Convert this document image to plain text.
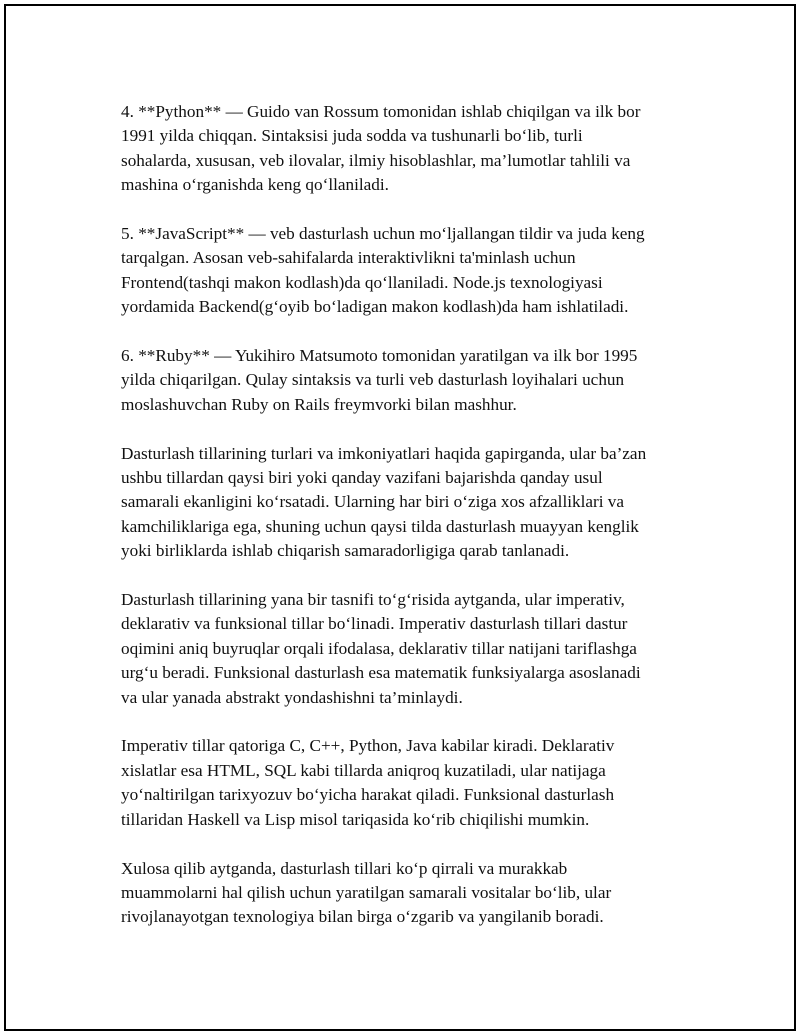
4. **Python** — Guido van Rossum tomonidan ishlab chiqilgan va ilk bor
1991 yilda chiqqan. Sintaksisi juda sodda va tushunarli bo‘lib, turli
sohalarda, xususan, veb ilovalar, ilmiy hisoblashlar, ma’lumotlar tahlili va
mashina o‘rganishda keng qo‘llaniladi.

5. **JavaScript** — veb dasturlash uchun mo‘ljallangan tildir va juda keng
tarqalgan. Asosan veb-sahifalarda interaktivlikni ta'minlash uchun
Frontend(tashqi makon kodlash)da qo‘llaniladi. Node.js texnologiyasi
yordamida Backend(g‘oyib bo‘ladigan makon kodlash)da ham ishlatiladi.

6. **Ruby** — Yukihiro Matsumoto tomonidan yaratilgan va ilk bor 1995
yilda chiqarilgan. Qulay sintaksis va turli veb dasturlash loyihalari uchun
moslashuvchan Ruby on Rails freymvorki bilan mashhur.

Dasturlash tillarining turlari va imkoniyatlari haqida gapirganda, ular ba’zan
ushbu tillardan qaysi biri yoki qanday vazifani bajarishda qanday usul
samarali ekanligini ko‘rsatadi. Ularning har biri o‘ziga xos afzalliklari va
kamchiliklariga ega, shuning uchun qaysi tilda dasturlash muayyan kenglik
yoki birliklarda ishlab chiqarish samaradorligiga qarab tanlanadi.

Dasturlash tillarining yana bir tasnifi to‘g‘risida aytganda, ular imperativ,
deklarativ va funksional tillar bo‘linadi. Imperativ dasturlash tillari dastur
oqimini aniq buyruqlar orqali ifodalasa, deklarativ tillar natijani tariflashga
urg‘u beradi. Funksional dasturlash esa matematik funksiyalarga asoslanadi
va ular yanada abstrakt yondashishni ta’minlaydi.

Imperativ tillar qatoriga C, C++, Python, Java kabilar kiradi. Deklarativ
xislatlar esa HTML, SQL kabi tillarda aniqroq kuzatiladi, ular natijaga
yo‘naltirilgan tarixyozuv bo‘yicha harakat qiladi. Funksional dasturlash
tillaridan Haskell va Lisp misol tariqasida ko‘rib chiqilishi mumkin.

Xulosa qilib aytganda, dasturlash tillari ko‘p qirrali va murakkab
muammolarni hal qilish uchun yaratilgan samarali vositalar bo‘lib, ular
rivojlanayotgan texnologiya bilan birga o‘zgarib va yangilanib boradi.
